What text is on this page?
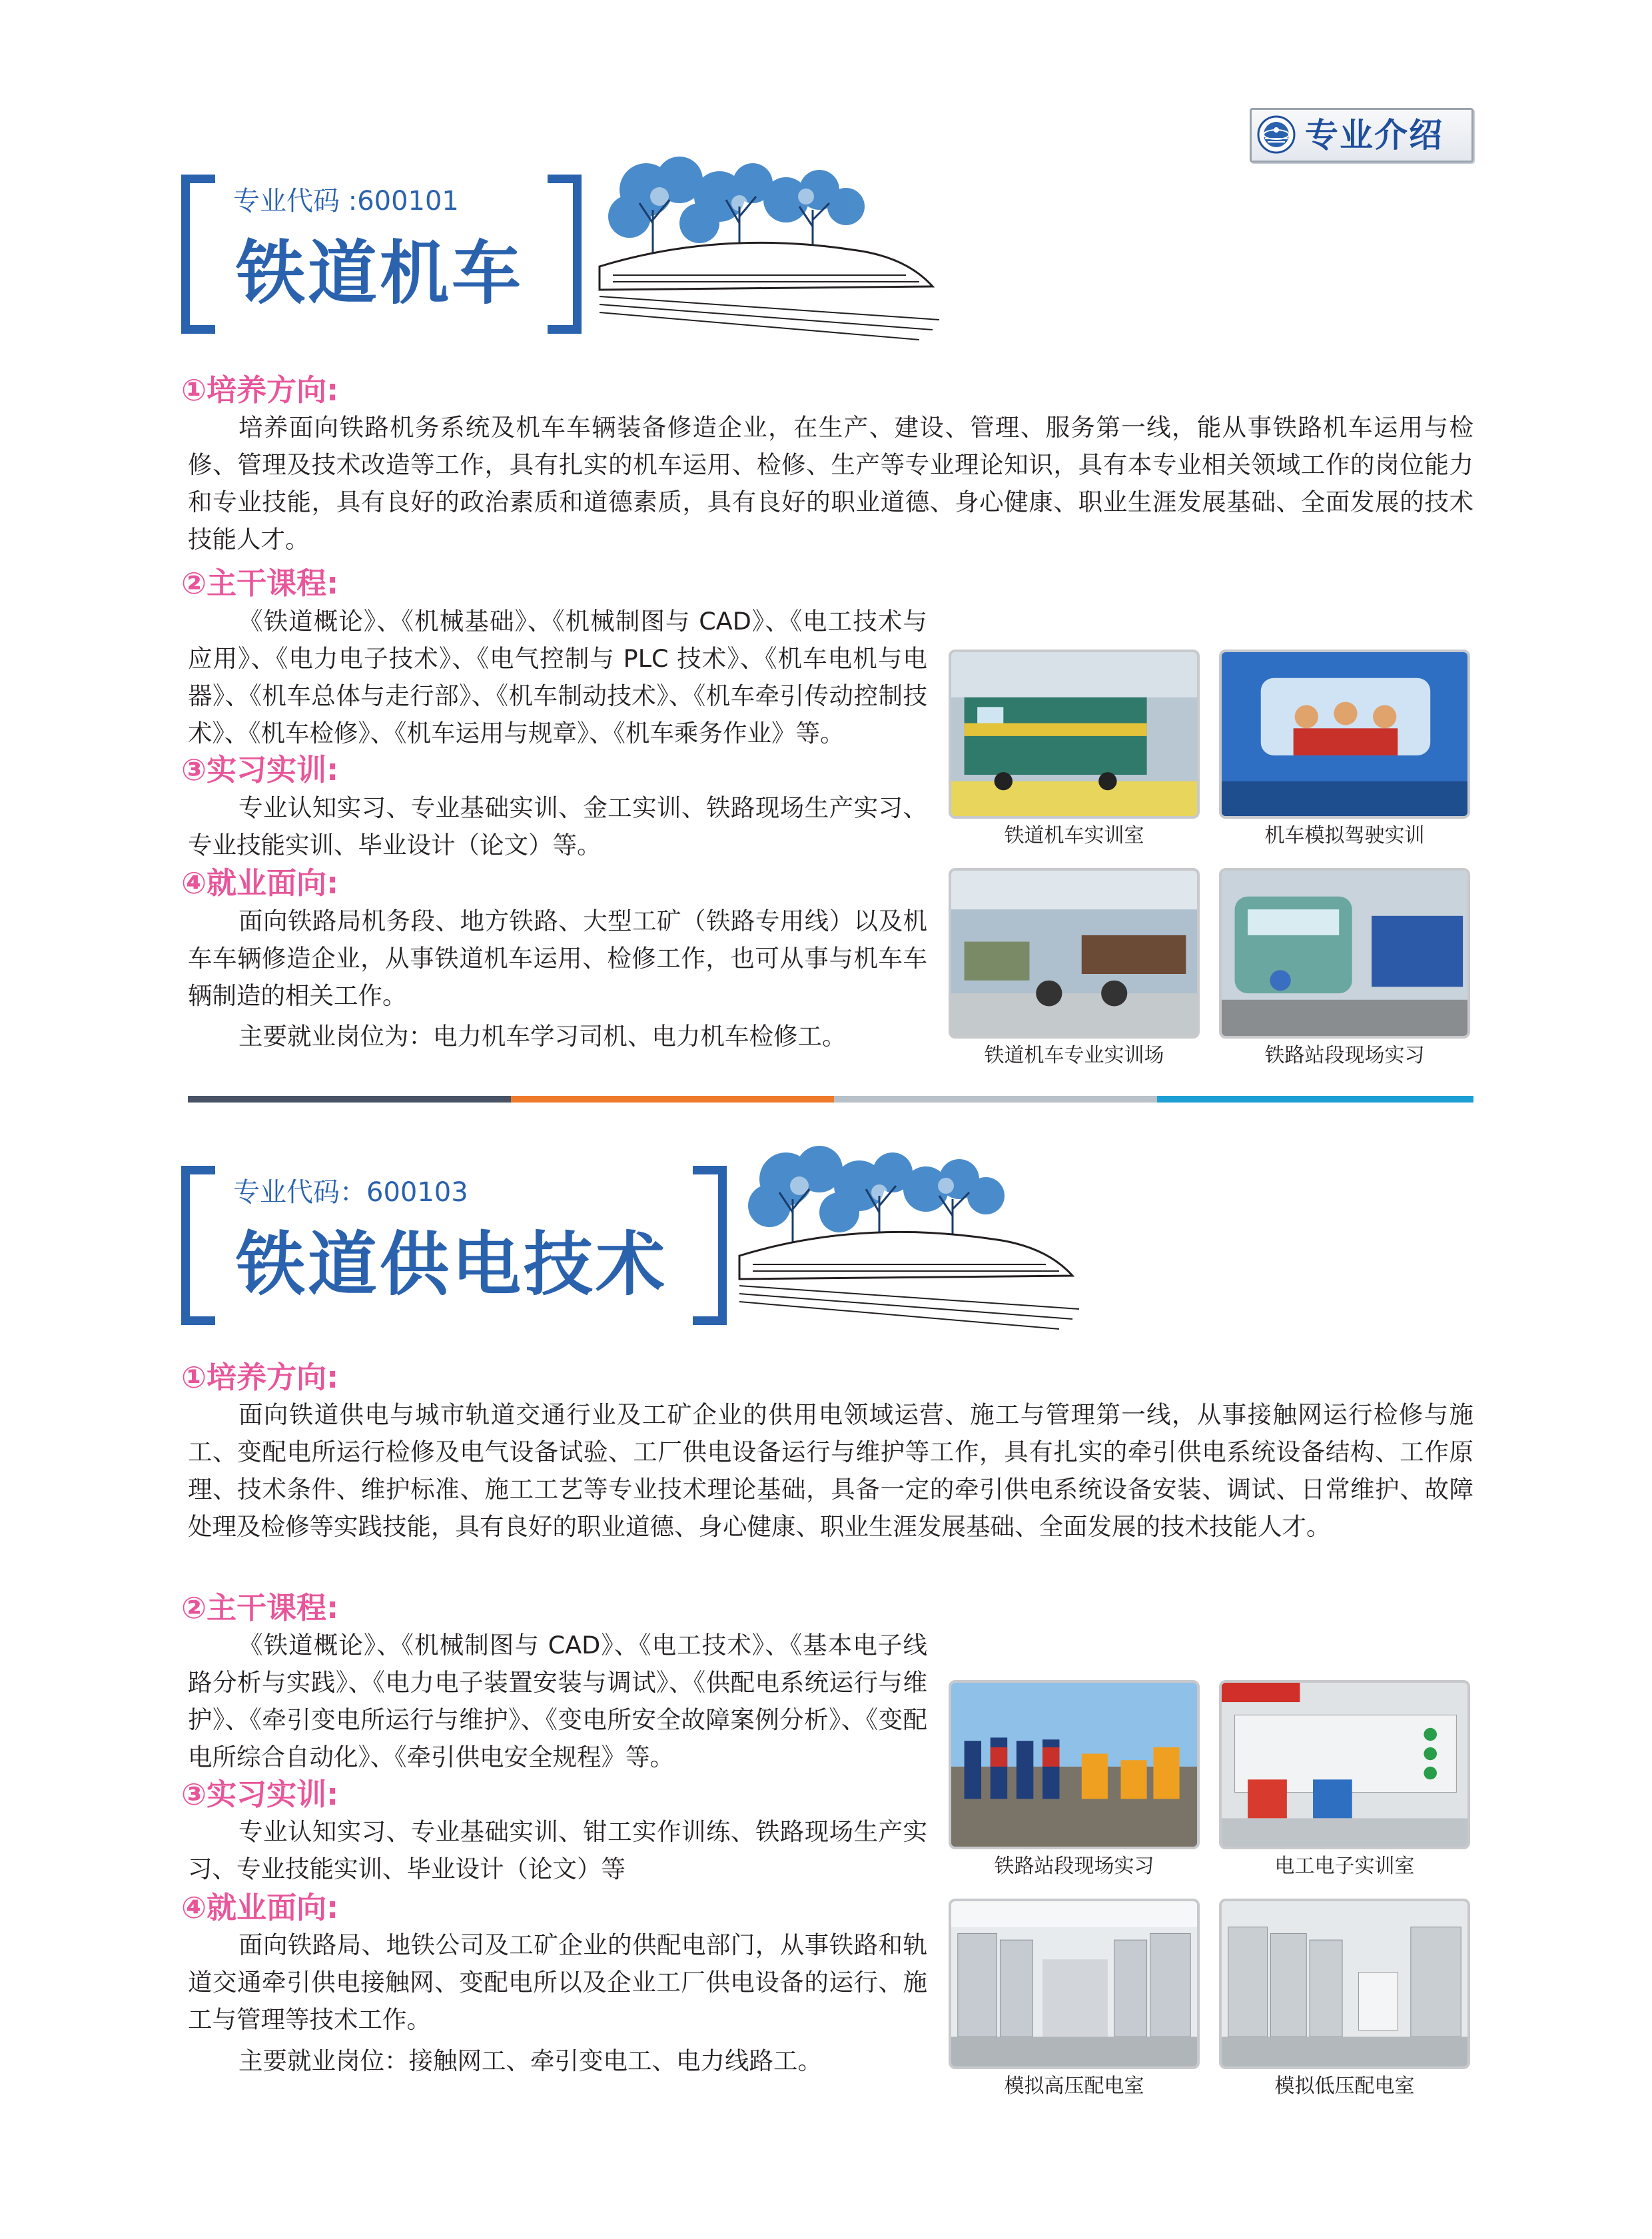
专业介绍
专业代码 :600101
铁道机车
①培养方向:
培养面向铁路机务系统及机车车辆装备修造企业，在生产、建设、管理、服务第一线，能从事铁路机车运用与检修、管理及技术改造等工作，具有扎实的机车运用、检修、生产等专业理论知识，具有本专业相关领域工作的岗位能力和专业技能，具有良好的政治素质和道德素质，具有良好的职业道德、身心健康、职业生涯发展基础、全面发展的技术技能人才。
②主干课程:
《铁道概论》、《机械基础》、《机械制图与 CAD》、《电工技术与应用》、《电力电子技术》、《电气控制与 PLC 技术》、《机车电机与电器》、《机车总体与走行部》、《机车制动技术》、《机车牵引传动控制技术》、《机车检修》、《机车运用与规章》、《机车乘务作业》等。
③实习实训:
专业认知实习、专业基础实训、金工实训、铁路现场生产实习、专业技能实训、毕业设计（论文）等。
④就业面向:
面向铁路局机务段、地方铁路、大型工矿（铁路专用线）以及机车车辆修造企业，从事铁道机车运用、检修工作，也可从事与机车车辆制造的相关工作。
主要就业岗位为：电力机车学习司机、电力机车检修工。
铁道机车实训室	机车模拟驾驶实训
铁道机车专业实训场	铁路站段现场实习
专业代码：600103
铁道供电技术
①培养方向:
面向铁道供电与城市轨道交通行业及工矿企业的供用电领域运营、施工与管理第一线，从事接触网运行检修与施工、变配电所运行检修及电气设备试验、工厂供电设备运行与维护等工作，具有扎实的牵引供电系统设备结构、工作原理、技术条件、维护标准、施工工艺等专业技术理论基础，具备一定的牵引供电系统设备安装、调试、日常维护、故障处理及检修等实践技能，具有良好的职业道德、身心健康、职业生涯发展基础、全面发展的技术技能人才。
②主干课程:
《铁道概论》、《机械制图与 CAD》、《电工技术》、《基本电子线路分析与实践》、《电力电子装置安装与调试》、《供配电系统运行与维护》、《牵引变电所运行与维护》、《变电所安全故障案例分析》、《变配电所综合自动化》、《牵引供电安全规程》等。
③实习实训:
专业认知实习、专业基础实训、钳工实作训练、铁路现场生产实习、专业技能实训、毕业设计（论文）等
④就业面向:
面向铁路局、地铁公司及工矿企业的供配电部门，从事铁路和轨道交通牵引供电接触网、变配电所以及企业工厂供电设备的运行、施工与管理等技术工作。
主要就业岗位：接触网工、牵引变电工、电力线路工。
铁路站段现场实习	电工电子实训室
模拟高压配电室	模拟低压配电室
